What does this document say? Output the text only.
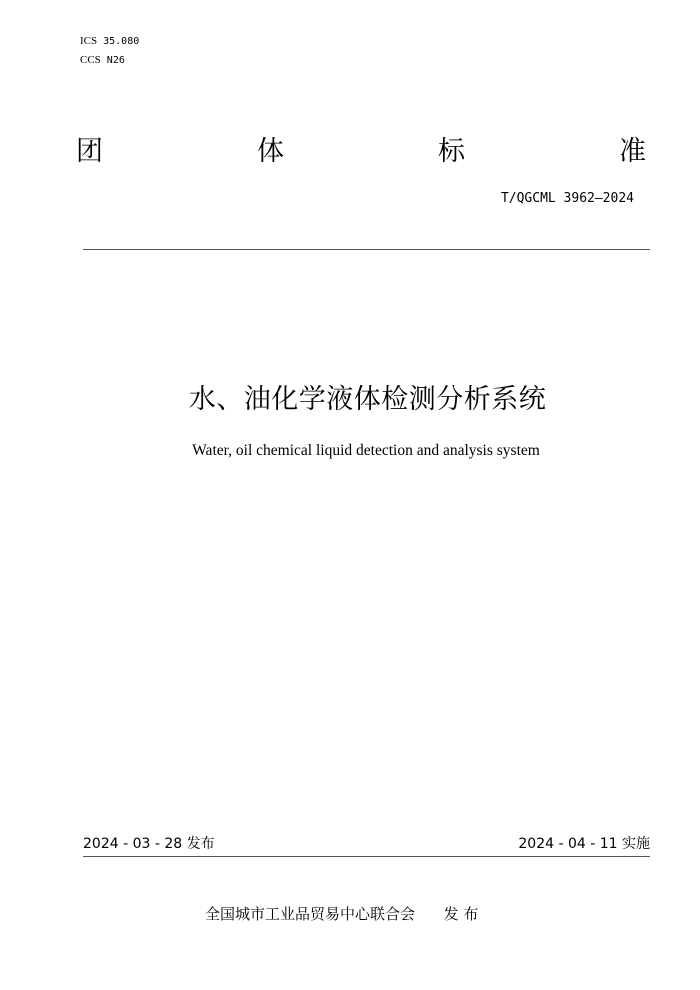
ICS 35.080
CCS N26
团	体	标	准
T/QGCML 3962—2024
水、油化学液体检测分析系统
Water, oil chemical liquid detection and analysis system
2024 - 03 - 28 发布	2024 - 04 - 11 实施
全国城市工业品贸易中心联合会      发 布
